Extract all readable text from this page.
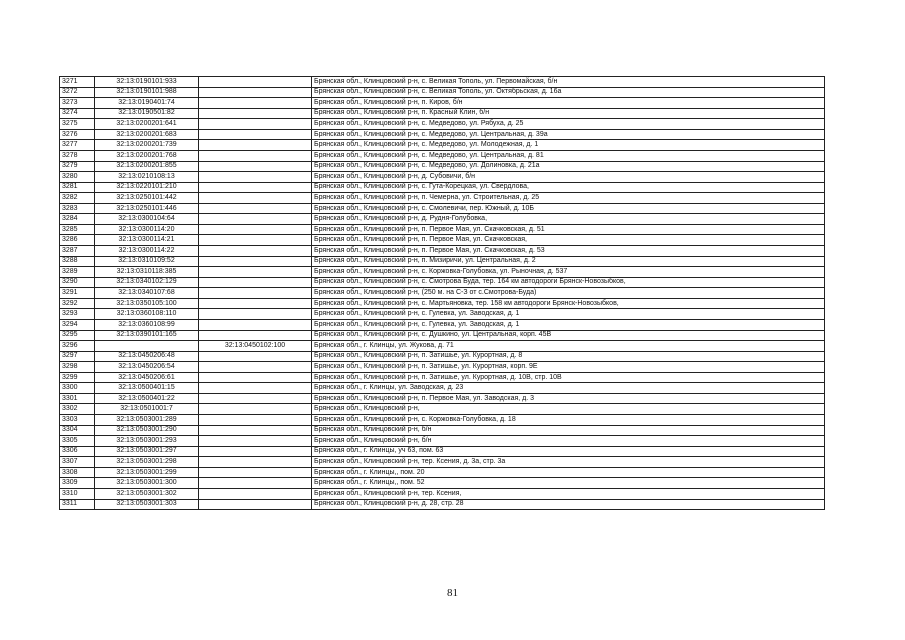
3271	32:13:0190101:933		Брянская обл., Клинцовский р-н, с. Великая Тополь, ул. Первомайская, б/н
3272	32:13:0190101:988		Брянская обл., Клинцовский р-н, с. Великая Тополь, ул. Октябрьская, д. 16а
3273	32:13:0190401:74		Брянская обл., Клинцовский р-н, п. Киров, б/н
3274	32:13:0190501:82		Брянская обл., Клинцовский р-н, п. Красный Клин, б/н
3275	32:13:0200201:641		Брянская обл., Клинцовский р-н, с. Медведово, ул. Рябуха, д. 25
3276	32:13:0200201:683		Брянская обл., Клинцовский р-н, с. Медведово, ул. Центральная, д. 39а
3277	32:13:0200201:739		Брянская обл., Клинцовский р-н, с. Медведово, ул. Молодежная, д. 1
3278	32:13:0200201:768		Брянская обл., Клинцовский р-н, с. Медведово, ул. Центральная, д. 81
3279	32:13:0200201:855		Брянская обл., Клинцовский р-н, с. Медведово, ул. Долиновка, д. 21а
3280	32:13:0210108:13		Брянская обл., Клинцовский р-н, д. Субовичи, б/н
3281	32:13:0220101:210		Брянская обл., Клинцовский р-н, с. Гута-Корецкая, ул. Свердлова,
3282	32:13:0250101:442		Брянская обл., Клинцовский р-н, п. Чемерна, ул. Строительная, д. 25
3283	32:13:0250101:446		Брянская обл., Клинцовский р-н, с. Смолевичи, пер. Южный, д. 10Б
3284	32:13:0300104:64		Брянская обл., Клинцовский р-н, д. Рудня-Голубовка,
3285	32:13:0300114:20		Брянская обл., Клинцовский р-н, п. Первое Мая, ул. Скачковская, д. 51
3286	32:13:0300114:21		Брянская обл., Клинцовский р-н, п. Первое Мая, ул. Скачковская,
3287	32:13:0300114:22		Брянская обл., Клинцовский р-н, п. Первое Мая, ул. Скачковская, д. 53
3288	32:13:0310109:52		Брянская обл., Клинцовский р-н, п. Мизиричи, ул. Центральная, д. 2
3289	32:13:0310118:385		Брянская обл., Клинцовский р-н, с. Коржовка-Голубовка, ул. Рыночная, д. 537
3290	32:13:0340102:129		Брянская обл., Клинцовский р-н, с. Смотрова Буда, тер. 164 км автодороги Брянск-Новозыбков,
3291	32:13:0340107:68		Брянская обл., Клинцовский р-н, (250 м. на С-З от с.Смотрова-Буда)
3292	32:13:0350105:100		Брянская обл., Клинцовский р-н, с. Мартьяновка, тер. 158 км автодороги Брянск-Новозыбков,
3293	32:13:0360108:110		Брянская обл., Клинцовский р-н, с. Гулевка, ул. Заводская, д. 1
3294	32:13:0360108:99		Брянская обл., Клинцовский р-н, с. Гулевка, ул. Заводская, д. 1
3295	32:13:0390101:165		Брянская обл., Клинцовский р-н, с. Душкино, ул. Центральная, корп. 45В
3296		32:13:0450102:100	Брянская обл., г. Клинцы, ул. Жукова, д. 71
3297	32:13:0450206:48		Брянская обл., Клинцовский р-н, п. Затишье, ул. Курортная, д. 8
3298	32:13:0450206:54		Брянская обл., Клинцовский р-н, п. Затишье, ул. Курортная, корп. 9Е
3299	32:13:0450206:61		Брянская обл., Клинцовский р-н, п. Затишье, ул. Курортная, д. 10В, стр. 10В
3300	32:13:0500401:15		Брянская обл., г. Клинцы, ул. Заводская, д. 23
3301	32:13:0500401:22		Брянская обл., Клинцовский р-н, п. Первое Мая, ул. Заводская, д. 3
3302	32:13:0501001:7		Брянская обл., Клинцовский р-н,
3303	32:13:0503001:289		Брянская обл., Клинцовский р-н, с. Коржовка-Голубовка, д. 18
3304	32:13:0503001:290		Брянская обл., Клинцовский р-н, б/н
3305	32:13:0503001:293		Брянская обл., Клинцовский р-н, б/н
3306	32:13:0503001:297		Брянская обл., г. Клинцы, уч 63, пом. 63
3307	32:13:0503001:298		Брянская обл., Клинцовский р-н, тер. Ксения, д. 3а, стр. 3а
3308	32:13:0503001:299		Брянская обл., г. Клинцы,, пом. 20
3309	32:13:0503001:300		Брянская обл., г. Клинцы,, пом. 52
3310	32:13:0503001:302		Брянская обл., Клинцовский р-н, тер. Ксения,
3311	32:13:0503001:303		Брянская обл., Клинцовский р-н, д. 28, стр. 28
81
